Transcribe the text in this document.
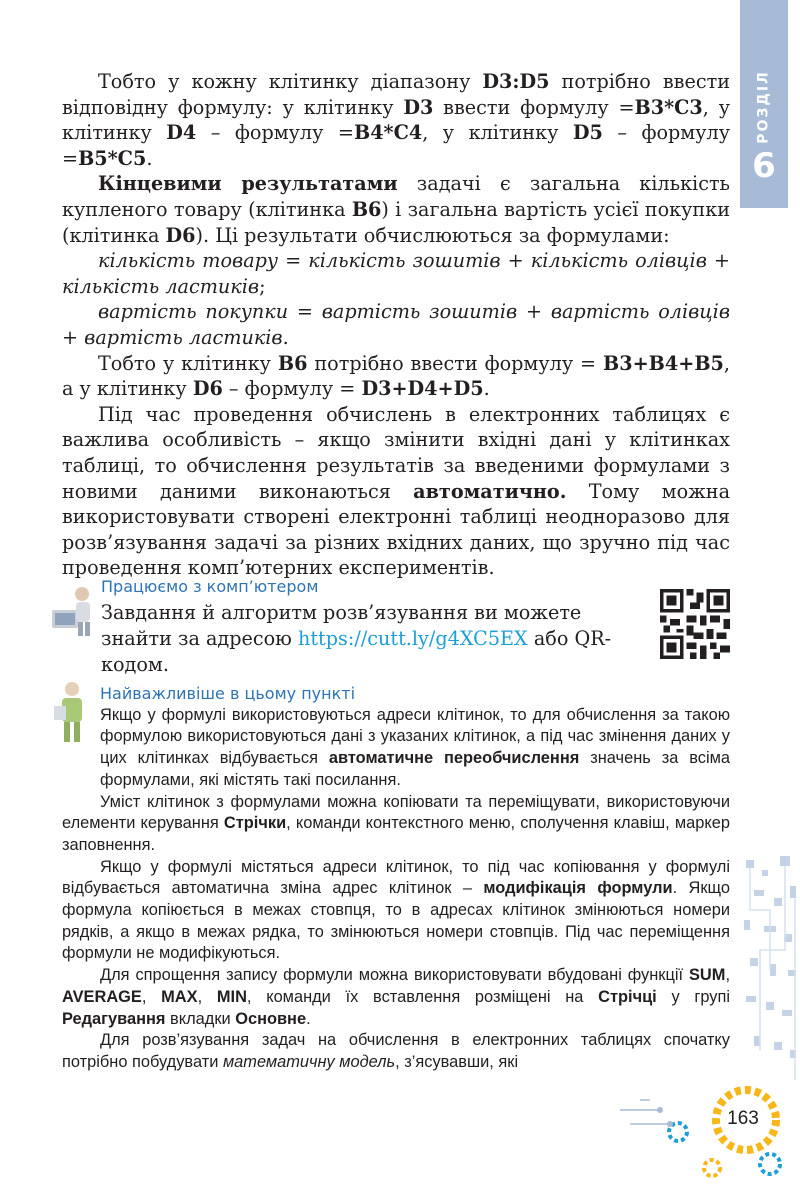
РОЗДІЛ
6

Тобто у кожну клітинку діапазону D3:D5 потрібно ввести відповідну формулу: у клітинку D3 ввести формулу =B3*C3, у клітинку D4 – формулу =B4*C4, у клітинку D5 – формулу =B5*C5.

Кінцевими результатами задачі є загальна кількість купленого товару (клітинка B6) і загальна вартість усієї покупки (клітинка D6). Ці результати обчислюються за формулами:

кількість товару = кількість зошитів + кількість олівців + кількість ластиків;

вартість покупки = вартість зошитів + вартість олівців + вартість ластиків.

Тобто у клітинку B6 потрібно ввести формулу = B3+B4+B5, а у клітинку D6 – формулу = D3+D4+D5.

Під час проведення обчислень в електронних таблицях є важлива особливість – якщо змінити вхідні дані у клітинках таблиці, то обчислення результатів за введеними формулами з новими даними виконаються автоматично. Тому можна використовувати створені електронні таблиці неодноразово для розв’язування задачі за різних вхідних даних, що зручно під час проведення комп’ютерних експериментів.

Працюємо з комп’ютером

Завдання й алгоритм розв’язування ви можете знайти за адресою https://cutt.ly/g4XC5EX або QR-кодом.

Найважливіше в цьому пункті

Якщо у формулі використовуються адреси клітинок, то для обчислення за такою формулою використовуються дані з указаних клітинок, а під час змінення даних у цих клітинках відбувається автоматичне переобчислення значень за всіма формулами, які містять такі посилання.

Уміст клітинок з формулами можна копіювати та переміщувати, використовуючи елементи керування Стрічки, команди контекстного меню, сполучення клавіш, маркер заповнення.

Якщо у формулі містяться адреси клітинок, то під час копіювання у формулі відбувається автоматична зміна адрес клітинок – модифікація формули. Якщо формула копіюється в межах стовпця, то в адресах клітинок змінюються номери рядків, а якщо в межах рядка, то змінюються номери стовпців. Під час переміщення формули не модифікуються.

Для спрощення запису формули можна використовувати вбудовані функції SUM, AVERAGE, MAX, MIN, команди їх вставлення розміщені на Стрічці у групі Редагування вкладки Основне.

Для розв’язування задач на обчислення в електронних таблицях спочатку потрібно побудувати математичну модель, з’ясувавши, які

163
